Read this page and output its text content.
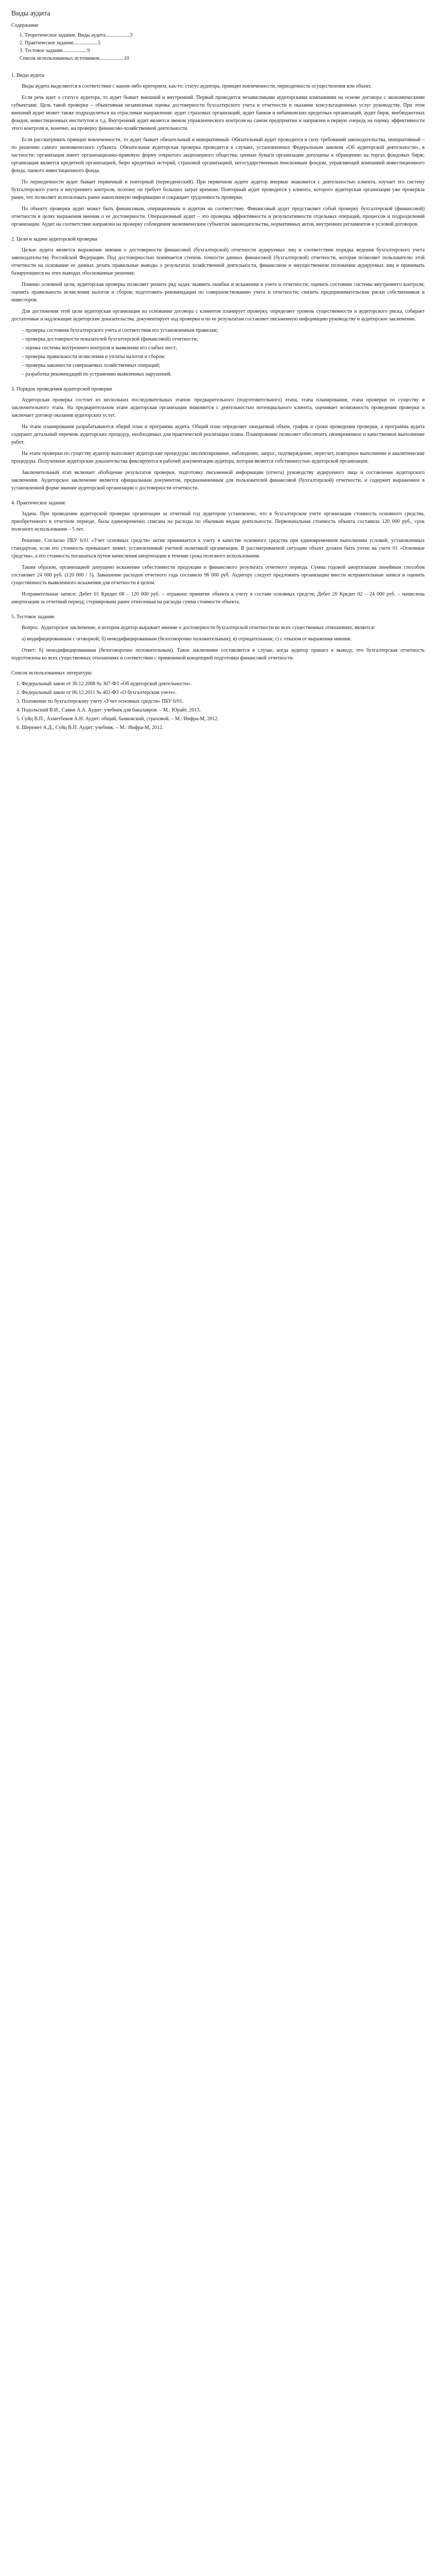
Виды аудита
Содержание
1. Теоретическое задание. Виды аудита...................3
2. Практическое задание...................5
3. Тестовое задание...................9
Список использованных источников...................10
1. Виды аудита

Виды аудита выделяются в соответствии с каким-либо критерием, как-то: статус аудитора, принцип вовлеченности, периодичность осуществления или объект.

Если речь идет о статусе аудитора, то аудит бывает внешний и внутренний. Первый проводится независимыми аудиторскими компаниями на основе договора с экономическими субъектами. Цель такой проверки – объективная независимая оценка достоверности бухгалтерского учета и отчетности и оказание консультационных услуг руководству. При этом внешний аудит может также подразделяться на отраслевые направления: аудит страховых организаций, аудит банков и небанковских кредитных организаций, аудит бирж, внебюджетных фондов, инвестиционных институтов и т.д. Внутренний аудит является звеном управленческого контроля на самом предприятии и направлен в первую очередь на оценку эффективности этого контроля и, конечно, на проверку финансово-хозяйственной деятельности.

Если рассматривать принцип вовлеченности, то аудит бывает обязательный и инициативный. Обязательный аудит проводится в силу требований законодательства, инициативный – по решению самого экономического субъекта. Обязательная аудиторская проверка проводится в случаях, установленных Федеральным законом «Об аудиторской деятельности», в частности: организация имеет организационно-правовую форму открытого акционерного общества; ценные бумаги организации допущены к обращению на торгах фондовых бирж; организация является кредитной организацией, бюро кредитных историй, страховой организацией, негосударственным пенсионным фондом, управляющей компанией инвестиционного фонда, паевого инвестиционного фонда.

По периодичности аудит бывает первичный и повторный (периодический). При первичном аудите аудитор впервые знакомится с деятельностью клиента, изучает его систему бухгалтерского учета и внутреннего контроля, поэтому он требует больших затрат времени. Повторный аудит проводится у клиента, которого аудиторская организация уже проверяла ранее, что позволяет использовать ранее накопленную информацию и сокращает трудоемкость проверки.

По объекту проверки аудит может быть финансовым, операционным и аудитом на соответствие. Финансовый аудит представляет собой проверку бухгалтерской (финансовой) отчетности в целях выражения мнения о ее достоверности. Операционный аудит – это проверка эффективности и результативности отдельных операций, процессов и подразделений организации. Аудит на соответствие направлен на проверку соблюдения экономическим субъектом законодательства, нормативных актов, внутренних регламентов и условий договоров.

2. Цели и задачи аудиторской проверки

Целью аудита является выражение мнения о достоверности финансовой (бухгалтерской) отчетности аудируемых лиц и соответствии порядка ведения бухгалтерского учета законодательству Российской Федерации. Под достоверностью понимается степень точности данных финансовой (бухгалтерской) отчетности, которая позволяет пользователю этой отчетности на основании ее данных делать правильные выводы о результатах хозяйственной деятельности, финансовом и имущественном положении аудируемых лиц и принимать базирующиеся на этих выводах обоснованные решения.

Помимо основной цели, аудиторская проверка позволяет решить ряд задач: выявить ошибки и искажения в учете и отчетности; оценить состояние системы внутреннего контроля; оценить правильность исчисления налогов и сборов; подготовить рекомендации по совершенствованию учета и отчетности; снизить предпринимательские риски собственников и инвесторов.

Для достижения этой цели аудиторская организация на основании договора с клиентом планирует проверку, определяет уровень существенности и аудиторского риска, собирает достаточные и надлежащие аудиторские доказательства, документирует ход проверки и по ее результатам составляет письменную информацию руководству и аудиторское заключение.

– проверка состояния бухгалтерского учета и соответствия его установленным правилам;
– проверка достоверности показателей бухгалтерской (финансовой) отчетности;
– оценка системы внутреннего контроля и выявление его слабых мест;
– проверка правильности исчисления и уплаты налогов и сборов;
– проверка законности совершаемых хозяйственных операций;
– разработка рекомендаций по устранению выявленных нарушений.
3. Порядок проведения аудиторской проверки

Аудиторская проверка состоит из нескольких последовательных этапов: предварительного (подготовительного) этапа, этапа планирования, этапа проверки по существу и заключительного этапа. На предварительном этапе аудиторская организация знакомится с деятельностью потенциального клиента, оценивает возможность проведения проверки и заключает договор оказания аудиторских услуг.

На этапе планирования разрабатываются общий план и программа аудита. Общий план определяет ожидаемый объем, график и сроки проведения проверки, а программа аудита содержит детальный перечень аудиторских процедур, необходимых для практической реализации плана. Планирование позволяет обеспечить своевременное и качественное выполнение работ.

На этапе проверки по существу аудитор выполняет аудиторские процедуры: инспектирование, наблюдение, запрос, подтверждение, пересчет, повторное выполнение и аналитические процедуры. Полученные аудиторские доказательства фиксируются в рабочей документации аудитора, которая является собственностью аудиторской организации.

Заключительный этап включает обобщение результатов проверки, подготовку письменной информации (отчета) руководству аудируемого лица и составление аудиторского заключения. Аудиторское заключение является официальным документом, предназначенным для пользователей финансовой (бухгалтерской) отчетности, и содержит выраженное в установленной форме мнение аудиторской организации о достоверности отчетности.

4. Практическое задание

Задача. При проведении аудиторской проверки организации за отчетный год аудитором установлено, что в бухгалтерском учете организации стоимость основного средства, приобретенного в отчетном периоде, была единовременно списана на расходы по обычным видам деятельности. Первоначальная стоимость объекта составила 120 000 руб., срок полезного использования – 5 лет.

Решение. Согласно ПБУ 6/01 «Учет основных средств» актив принимается к учету в качестве основного средства при единовременном выполнении условий, установленных стандартом, если его стоимость превышает лимит, установленный учетной политикой организации. В рассматриваемой ситуации объект должен быть учтен на счете 01 «Основные средства», а его стоимость погашаться путем начисления амортизации в течение срока полезного использования.

Таким образом, организацией допущено искажение себестоимости продукции и финансового результата отчетного периода. Сумма годовой амортизации линейным способом составляет 24 000 руб. (120 000 / 5). Завышение расходов отчетного года составило 96 000 руб. Аудитору следует предложить организации внести исправительные записи и оценить существенность выявленного искажения для отчетности в целом.

Исправительные записи: Дебет 01 Кредит 08 – 120 000 руб. – отражено принятие объекта к учету в составе основных средств; Дебет 20 Кредит 02 – 24 000 руб. – начислена амортизация за отчетный период; сторнирована ранее отнесенная на расходы сумма стоимости объекта.

5. Тестовое задание

Вопрос. Аудиторское заключение, в котором аудитор выражает мнение о достоверности бухгалтерской отчетности во всех существенных отношениях, является:

а) модифицированным с оговоркой; б) немодифицированным (безоговорочно положительным); в) отрицательным; г) с отказом от выражения мнения.

Ответ: б) немодифицированным (безоговорочно положительным). Такое заключение составляется в случае, когда аудитор пришел к выводу, что бухгалтерская отчетность подготовлена во всех существенных отношениях в соответствии с применимой концепцией подготовки финансовой отчетности.

Список использованных литературы
1. Федеральный закон от 30.12.2008 № 307-ФЗ «Об аудиторской деятельности».
2. Федеральный закон от 06.12.2011 № 402-ФЗ «О бухгалтерском учете».
3. Положение по бухгалтерскому учету «Учет основных средств» ПБУ 6/01.
4. Подольский В.И., Савин А.А. Аудит: учебник для бакалавров. – М.: Юрайт, 2013.
5. Суйц В.П., Ахметбеков А.Н. Аудит: общий, банковский, страховой. – М.: Инфра-М, 2012.
6. Шеремет А.Д., Суйц В.П. Аудит: учебник. – М.: Инфра-М, 2012.
